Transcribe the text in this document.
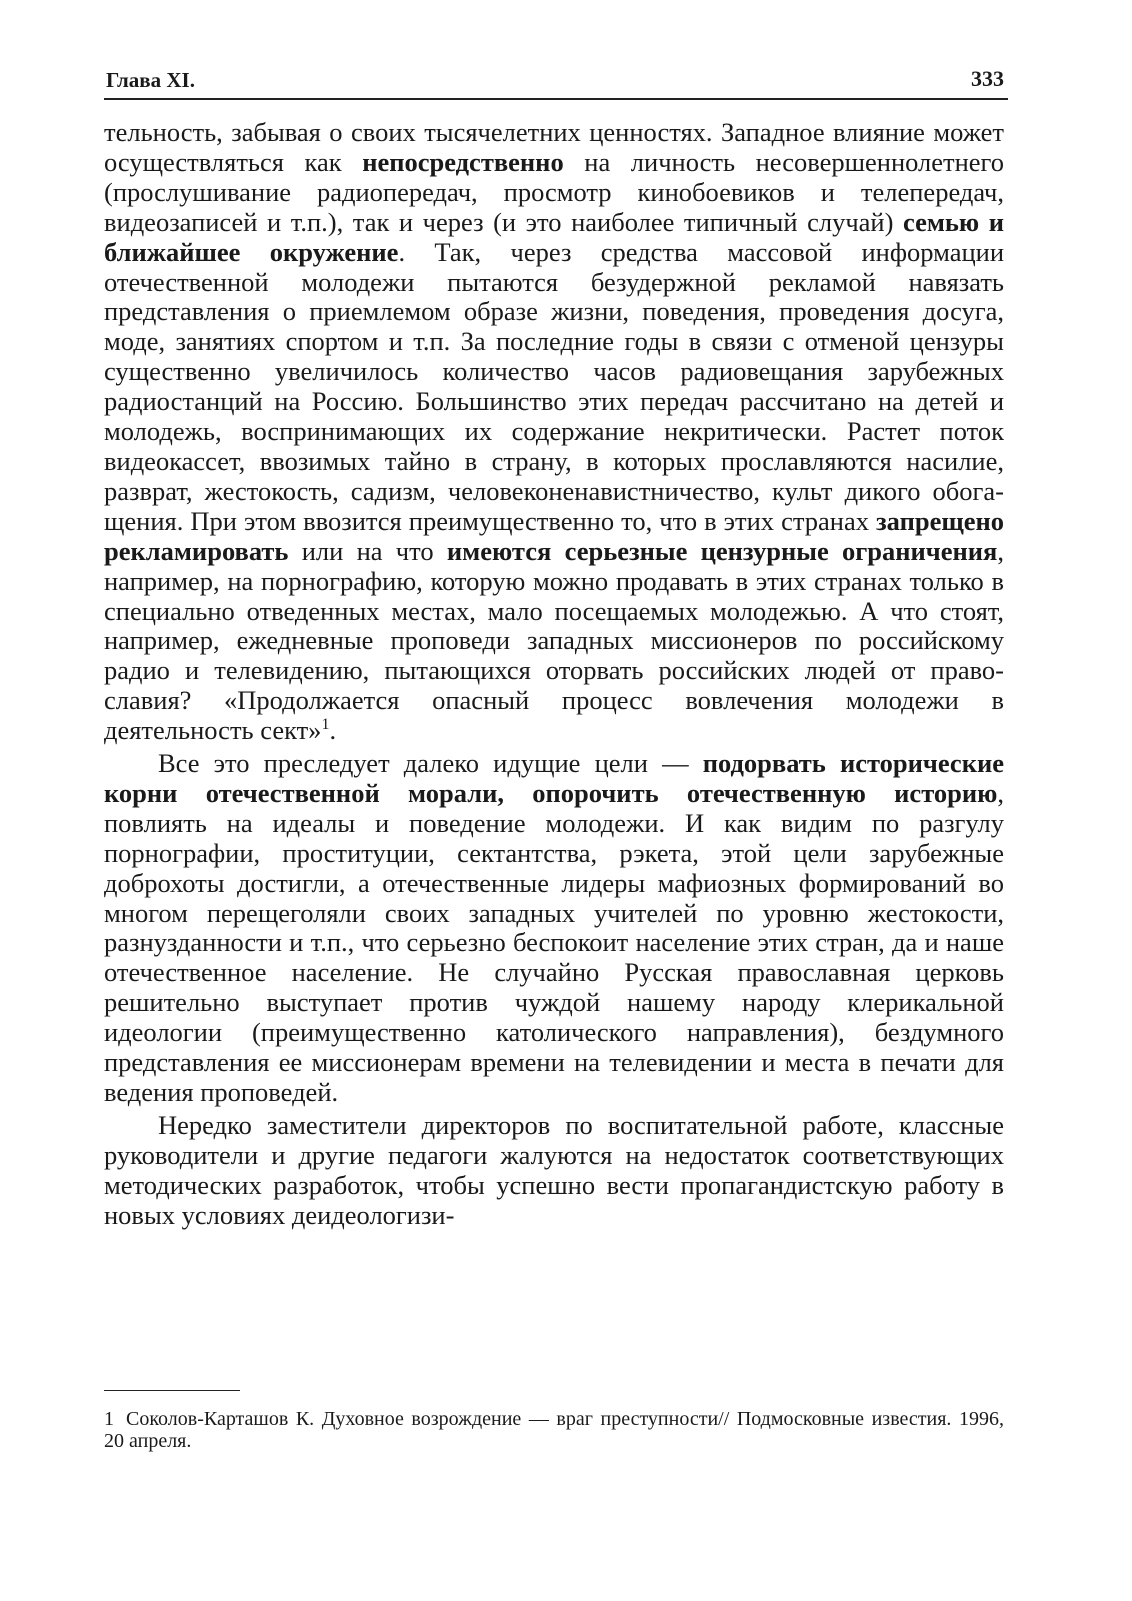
Глава XI.	333

тельность, забывая о своих тысячелетних ценностях. Западное влияние может осуществляться как непосредственно на личность несовершеннолетнего (прослушивание радиопередач, просмотр кинобоевиков и телепередач, видеозаписей и т.п.), так и через (и это наиболее типичный случай) семью и ближайшее окружение. Так, через средства массовой информации отечественной молодежи пытаются безудержной рекламой навязать представления о приемлемом образе жизни, поведения, проведения досуга, моде, занятиях спортом и т.п. За последние годы в связи с отменой цензуры существенно увеличилось количество часов радиовещания зарубежных радиостанций на Россию. Большинство этих передач рассчитано на детей и молодежь, воспринимающих их содержание некритически. Растет поток видеокассет, ввозимых тайно в страну, в которых прославляются насилие, разврат, жестокость, садизм, человеконенавистничество, культ дикого обогащения. При этом ввозится преимущественно то, что в этих странах запрещено рекламировать или на что имеются серьезные цензурные ограничения, например, на порнографию, которую можно продавать в этих странах только в специально отведенных местах, мало посещаемых молодежью. А что стоят, например, ежедневные проповеди западных миссионеров по российскому радио и телевидению, пытающихся оторвать российских людей от православия? «Продолжается опасный процесс вовлечения молодежи в деятельность сект»$^1$.

Все это преследует далеко идущие цели — подорвать исторические корни отечественной морали, опорочить отечественную историю, повлиять на идеалы и поведение молодежи. И как видим по разгулу порнографии, проституции, сектантства, рэкета, этой цели зарубежные доброхоты достигли, а отечественные лидеры мафиозных формирований во многом перещеголяли своих западных учителей по уровню жестокости, разнузданности и т.п., что серьезно беспокоит население этих стран, да и наше отечественное население. Не случайно Русская православная церковь решительно выступает против чуждой нашему народу клерикальной идеологии (преимущественно католического направления), бездумного представления ее миссионерам времени на телевидении и места в печати для ведения проповедей.

Нередко заместители директоров по воспитательной работе, классные руководители и другие педагоги жалуются на недостаток соответствующих методических разработок, чтобы успешно вести пропагандистскую работу в новых условиях деидеологизи-

1 Соколов-Карташов К. Духовное возрождение — враг преступности// Подмосковные известия. 1996, 20 апреля.
